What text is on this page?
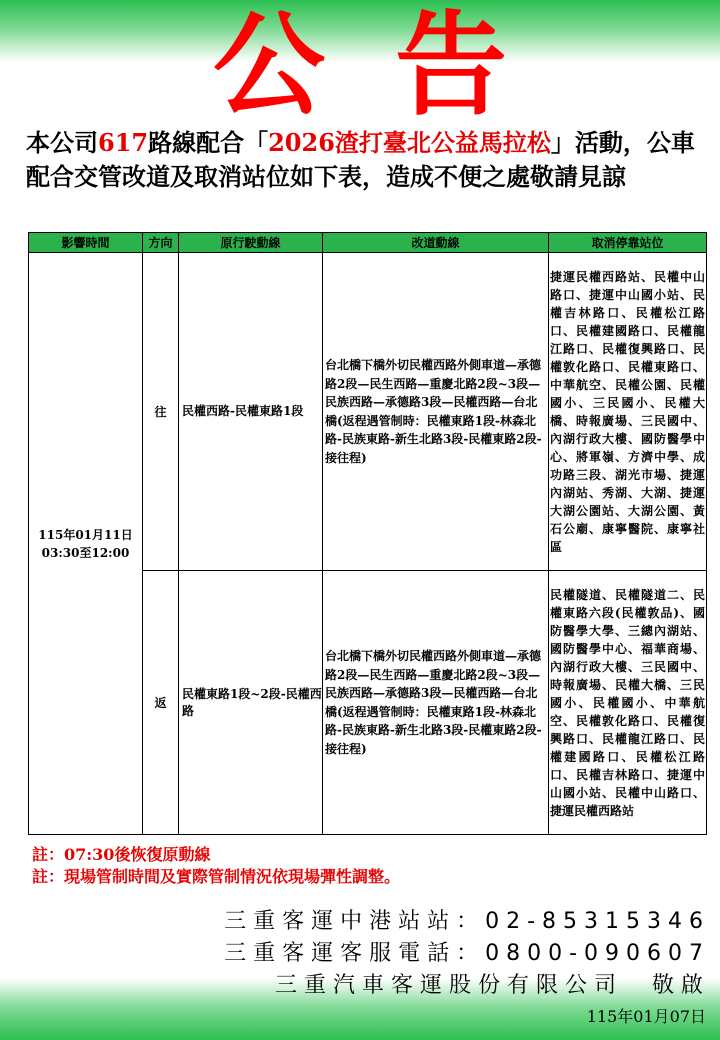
公告
本公司617路線配合「2026渣打臺北公益馬拉松」活動，公車配合交管改道及取消站位如下表，造成不便之處敬請見諒
影響時間	方向	原行駛動線	改道動線	取消停靠站位

115年01月11日
03:30至12:00	往	民權西路-民權東路1段	台北橋下橋外切民權西路外側車道—承德路2段—民生西路—重慶北路2段~3段—民族西路—承德路3段—民權西路—台北橋(返程遇管制時：民權東路1段-林森北路-民族東路-新生北路3段-民權東路2段-接往程)	捷運民權西路站、民權中山路口、捷運中山國小站、民權吉林路口、民權松江路口、民權建國路口、民權龍江路口、民權復興路口、民權敦化路口、民權東路口、中華航空、民權公園、民權國小、三民國小、民權大橋、時報廣場、三民國中、內湖行政大樓、國防醫學中心、將軍嶺、方濟中學、成功路三段、湖光市場、捷運內湖站、秀湖、大湖、捷運大湖公園站、大湖公園、黃石公廟、康寧醫院、康寧社區
	返	民權東路1段~2段-民權西路	台北橋下橋外切民權西路外側車道—承德路2段—民生西路—重慶北路2段~3段—民族西路—承德路3段—民權西路—台北橋(返程遇管制時：民權東路1段-林森北路-民族東路-新生北路3段-民權東路2段-接往程)	民權隧道、民權隧道二、民權東路六段(民權敦品)、國防醫學大學、三總內湖站、國防醫學中心、福華商場、內湖行政大樓、三民國中、時報廣場、民權大橋、三民國小、民權國小、中華航空、民權敦化路口、民權復興路口、民權龍江路口、民權建國路口、民權松江路口、民權吉林路口、捷運中山國小站、民權中山路口、捷運民權西路站
註：07:30後恢復原動線
註：現場管制時間及實際管制情況依現場彈性調整。
三重客運中港站站：02-85315346
三重客運客服電話：0800-090607
三重汽車客運股份有限公司　敬啟
115年01月07日
